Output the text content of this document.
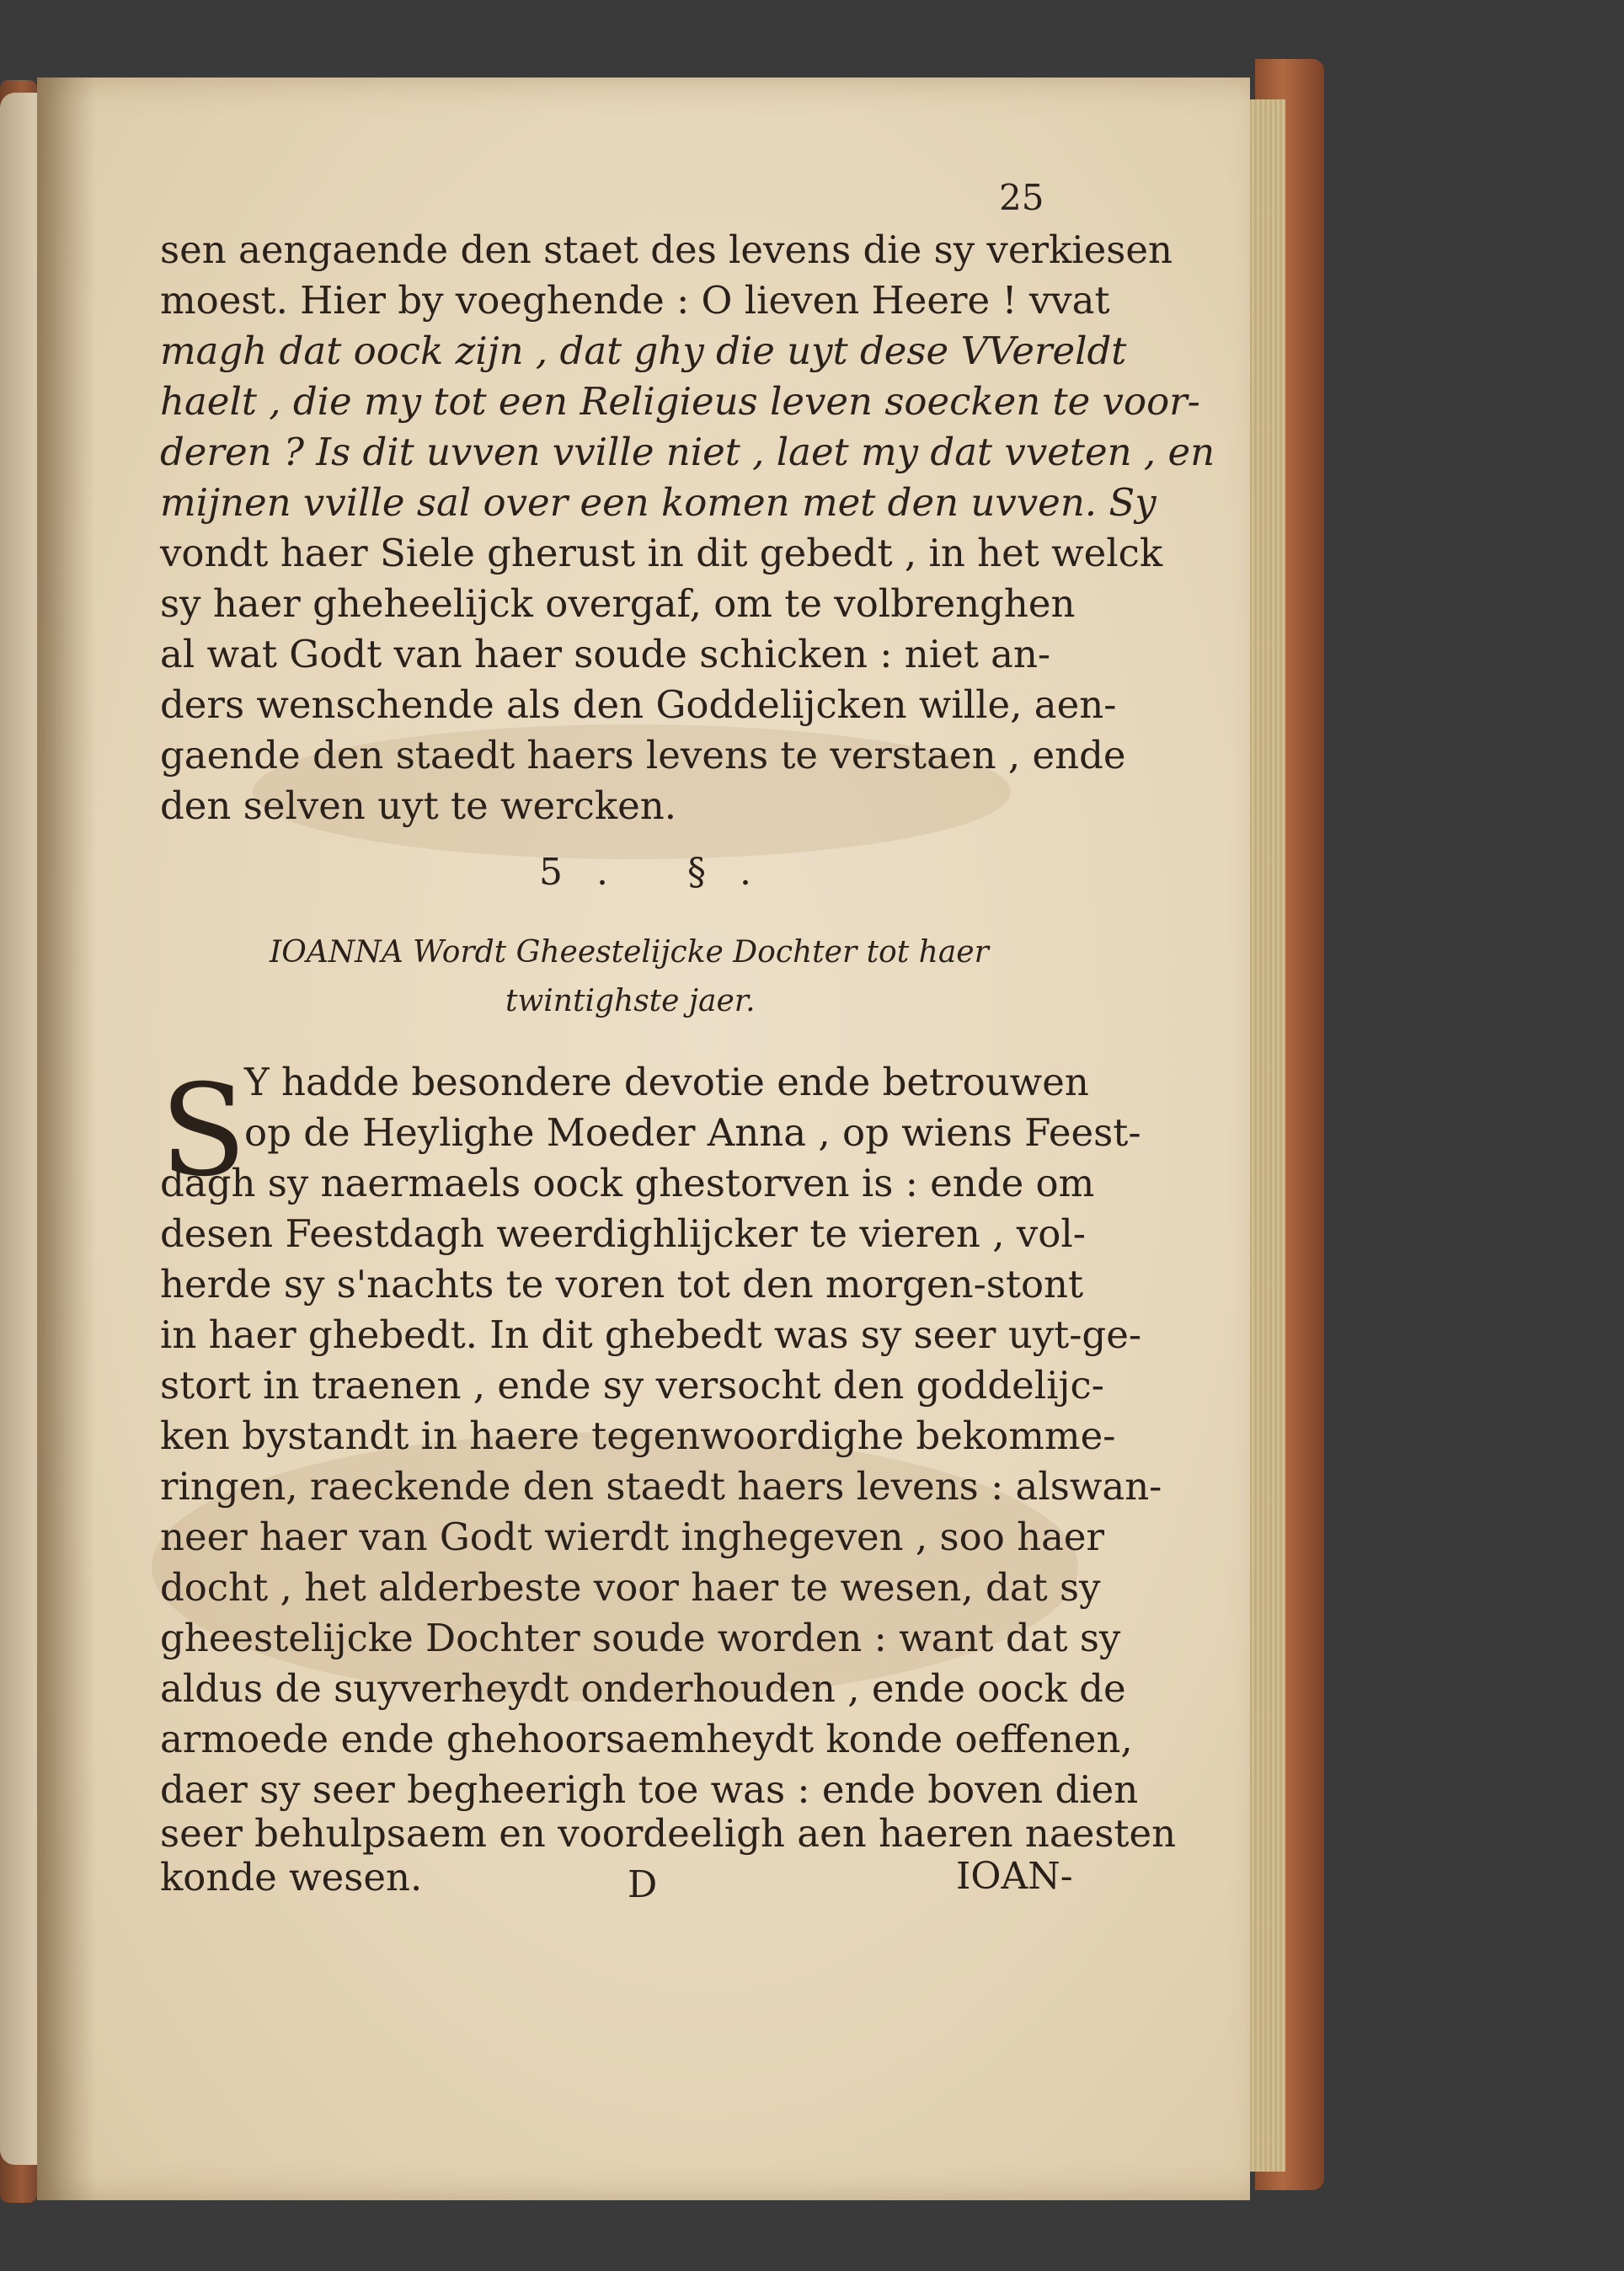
25
sen aengaende den staet des levens die sy verkiesen
moest. Hier by voeghende : O lieven Heere ! vvat
magh dat oock zijn , dat ghy die uyt dese VVereldt
haelt , die my tot een Religieus leven soecken te voor-
deren ? Is dit uvven vville niet , laet my dat vveten , en
mijnen vville sal over een komen met den uvven. Sy
vondt haer Siele gherust in dit gebedt , in het welck
sy haer gheheelijck overgaf, om te volbrenghen
al wat Godt van haer soude schicken : niet an-
ders wenschende als den Goddelijcken wille, aen-
gaende den staedt haers levens te verstaen , ende
den selven uyt te wercken.
5. §.
IOANNA Wordt Gheestelijcke Dochter tot haer
twintighste jaer.
S
Y hadde besondere devotie ende betrouwen
op de Heylighe Moeder Anna , op wiens Feest-
dagh sy naermaels oock ghestorven is : ende om
desen Feestdagh weerdighlijcker te vieren , vol-
herde sy s'nachts te voren tot den morgen-stont
in haer ghebedt. In dit ghebedt was sy seer uyt-ge-
stort in traenen , ende sy versocht den goddelijc-
ken bystandt in haere tegenwoordighe bekomme-
ringen, raeckende den staedt haers levens : alswan-
neer haer van Godt wierdt inghegeven , soo haer
docht , het alderbeste voor haer te wesen, dat sy
gheestelijcke Dochter soude worden : want dat sy
aldus de suyverheydt onderhouden , ende oock de
armoede ende ghehoorsaemheydt konde oeffenen,
daer sy seer begheerigh toe was : ende boven dien
seer behulpsaem en voordeeligh aen haeren naesten
konde wesen.	D	IOAN-
